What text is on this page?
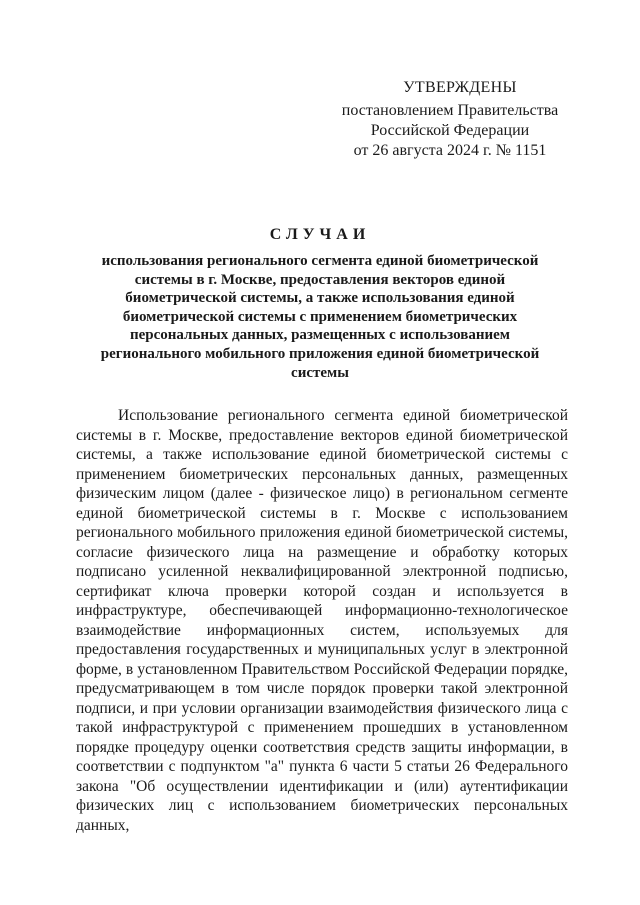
УТВЕРЖДЕНЫ
постановлением Правительства
Российской Федерации
от 26 августа 2024 г. № 1151
СЛУЧАИ
использования регионального сегмента единой биометрической системы в г. Москве, предоставления векторов единой биометрической системы, а также использования единой биометрической системы с применением биометрических персональных данных, размещенных с использованием регионального мобильного приложения единой биометрической системы

Использование регионального сегмента единой биометрической системы в г. Москве, предоставление векторов единой биометрической системы, а также использование единой биометрической системы с применением биометрических персональных данных, размещенных физическим лицом (далее - физическое лицо) в региональном сегменте единой биометрической системы в г. Москве с использованием регионального мобильного приложения единой биометрической системы, согласие физического лица на размещение и обработку которых подписано усиленной неквалифицированной электронной подписью, сертификат ключа проверки которой создан и используется в инфраструктуре, обеспечивающей информационно-технологическое взаимодействие информационных систем, используемых для предоставления государственных и муниципальных услуг в электронной форме, в установленном Правительством Российской Федерации порядке, предусматривающем в том числе порядок проверки такой электронной подписи, и при условии организации взаимодействия физического лица с такой инфраструктурой с применением прошедших в установленном порядке процедуру оценки соответствия средств защиты информации, в соответствии с подпунктом "а" пункта 6 части 5 статьи 26 Федерального закона "Об осуществлении идентификации и (или) аутентификации физических лиц с использованием биометрических персональных данных,
